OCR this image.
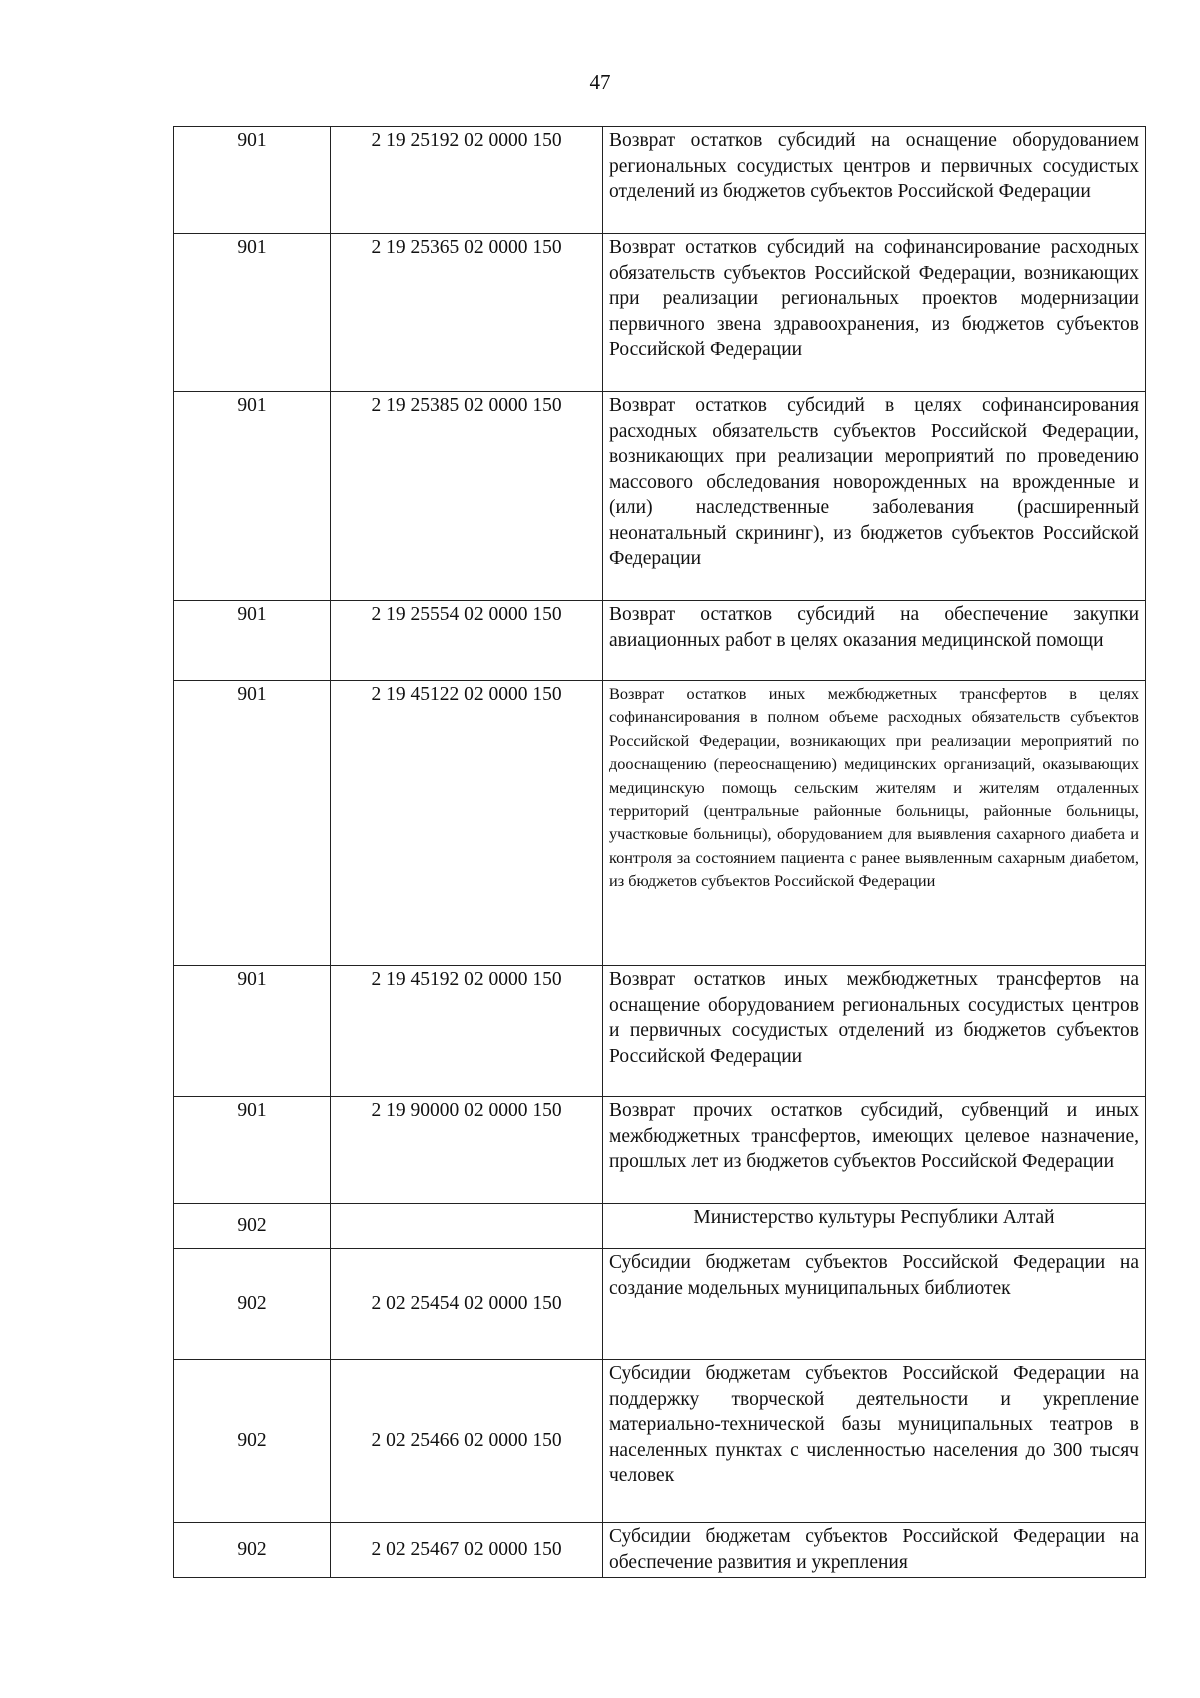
47
901	2 19 25192 02 0000 150	Возврат остатков субсидий на оснащение оборудованием региональных сосудистых центров и первичных сосудистых отделений из бюджетов субъектов Российской Федерации
901	2 19 25365 02 0000 150	Возврат остатков субсидий на софинансирование расходных обязательств субъектов Российской Федерации, возникающих при реализации региональных проектов модернизации первичного звена здравоохранения, из бюджетов субъектов Российской Федерации
901	2 19 25385 02 0000 150	Возврат остатков субсидий в целях софинансирования расходных обязательств субъектов Российской Федерации, возникающих при реализации мероприятий по проведению массового обследования новорожденных на врожденные и (или) наследственные заболевания (расширенный неонатальный скрининг), из бюджетов субъектов Российской Федерации
901	2 19 25554 02 0000 150	Возврат остатков субсидий на обеспечение закупки авиационных работ в целях оказания медицинской помощи
901	2 19 45122 02 0000 150	Возврат остатков иных межбюджетных трансфертов в целях софинансирования в полном объеме расходных обязательств субъектов Российской Федерации, возникающих при реализации мероприятий по дооснащению (переоснащению) медицинских организаций, оказывающих медицинскую помощь сельским жителям и жителям отдаленных территорий (центральные районные больницы, районные больницы, участковые больницы), оборудованием для выявления сахарного диабета и контроля за состоянием пациента с ранее выявленным сахарным диабетом, из бюджетов субъектов Российской Федерации
901	2 19 45192 02 0000 150	Возврат остатков иных межбюджетных трансфертов на оснащение оборудованием региональных сосудистых центров и первичных сосудистых отделений из бюджетов субъектов Российской Федерации
901	2 19 90000 02 0000 150	Возврат прочих остатков субсидий, субвенций и иных межбюджетных трансфертов, имеющих целевое назначение, прошлых лет из бюджетов субъектов Российской Федерации
902		Министерство культуры Республики Алтай
902	2 02 25454 02 0000 150	Субсидии бюджетам субъектов Российской Федерации на создание модельных муниципальных библиотек
902	2 02 25466 02 0000 150	Субсидии бюджетам субъектов Российской Федерации на поддержку творческой деятельности и укрепление материально-технической базы муниципальных театров в населенных пунктах с численностью населения до 300 тысяч человек
902	2 02 25467 02 0000 150	Субсидии бюджетам субъектов Российской Федерации на обеспечение развития и укрепления
